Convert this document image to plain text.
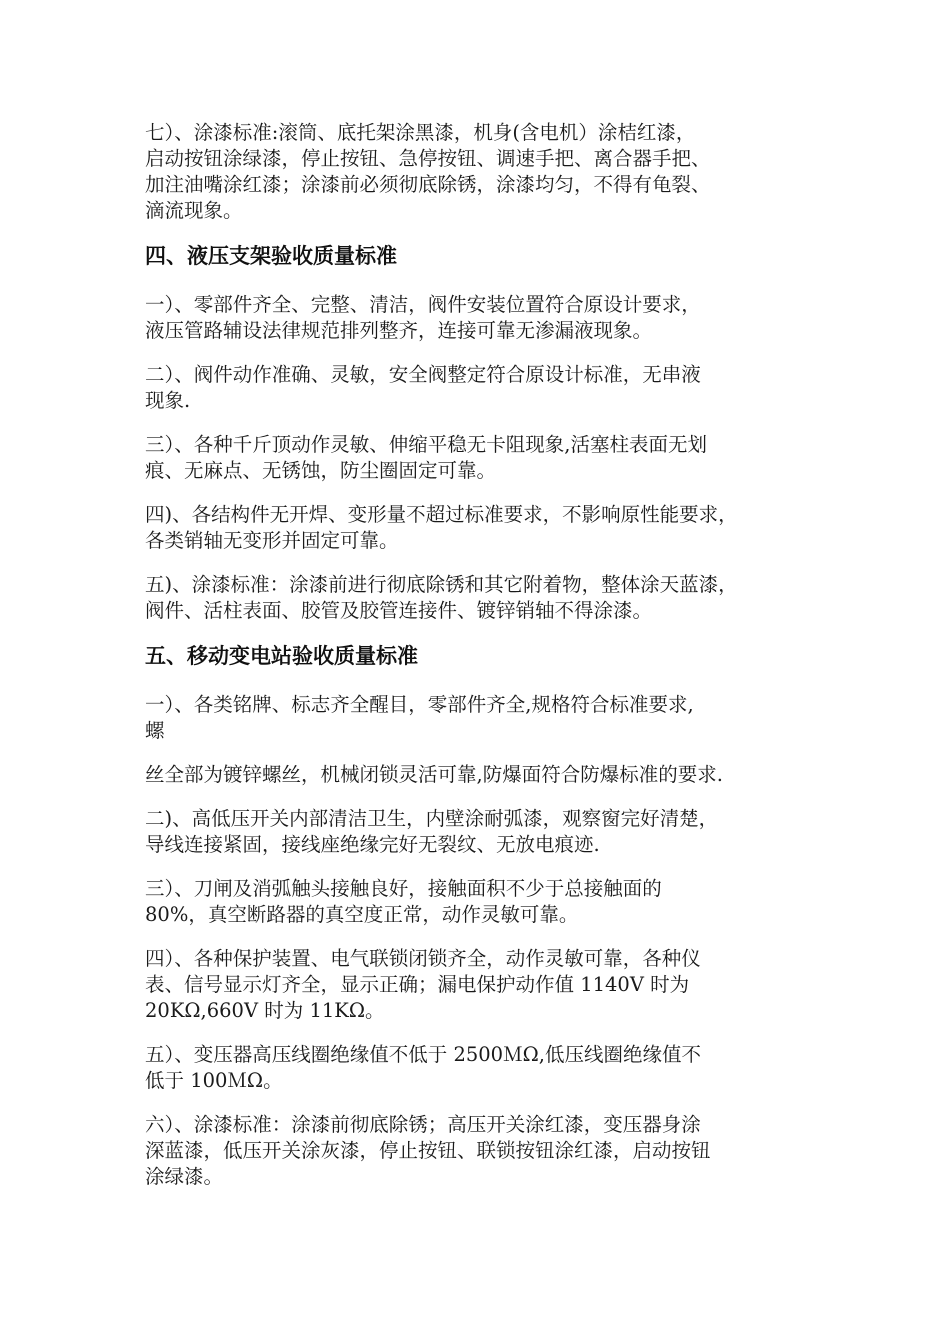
七）、涂漆标准:滚筒、底托架涂黑漆，机身(含电机）涂桔红漆，
启动按钮涂绿漆，停止按钮、急停按钮、调速手把、离合器手把、
加注油嘴涂红漆；涂漆前必须彻底除锈，涂漆均匀，不得有龟裂、
滴流现象。

四、液压支架验收质量标准

一）、零部件齐全、完整、清洁，阀件安装位置符合原设计要求，
液压管路辅设法律规范排列整齐，连接可靠无渗漏液现象。

二）、阀件动作准确、灵敏，安全阀整定符合原设计标准，无串液
现象.

三）、各种千斤顶动作灵敏、伸缩平稳无卡阻现象,活塞柱表面无划
痕、无麻点、无锈蚀，防尘圈固定可靠。

四)、各结构件无开焊、变形量不超过标准要求，不影响原性能要求，
各类销轴无变形并固定可靠。

五)、涂漆标准：涂漆前进行彻底除锈和其它附着物，整体涂天蓝漆，
阀件、活柱表面、胶管及胶管连接件、镀锌销轴不得涂漆。

五、移动变电站验收质量标准

一）、各类铭牌、标志齐全醒目，零部件齐全,规格符合标准要求,
螺

丝全部为镀锌螺丝，机械闭锁灵活可靠,防爆面符合防爆标准的要求.

二)、高低压开关内部清洁卫生，内壁涂耐弧漆，观察窗完好清楚，
导线连接紧固，接线座绝缘完好无裂纹、无放电痕迹.

三）、刀闸及消弧触头接触良好，接触面积不少于总接触面的
80%，真空断路器的真空度正常，动作灵敏可靠。

四）、各种保护装置、电气联锁闭锁齐全，动作灵敏可靠，各种仪
表、信号显示灯齐全，显示正确；漏电保护动作值 1140V 时为
20KΩ,660V 时为 11KΩ。

五）、变压器高压线圈绝缘值不低于 2500ＭΩ,低压线圈绝缘值不
低于 100ＭΩ。

六）、涂漆标准：涂漆前彻底除锈；高压开关涂红漆，变压器身涂
深蓝漆，低压开关涂灰漆，停止按钮、联锁按钮涂红漆，启动按钮
涂绿漆。
